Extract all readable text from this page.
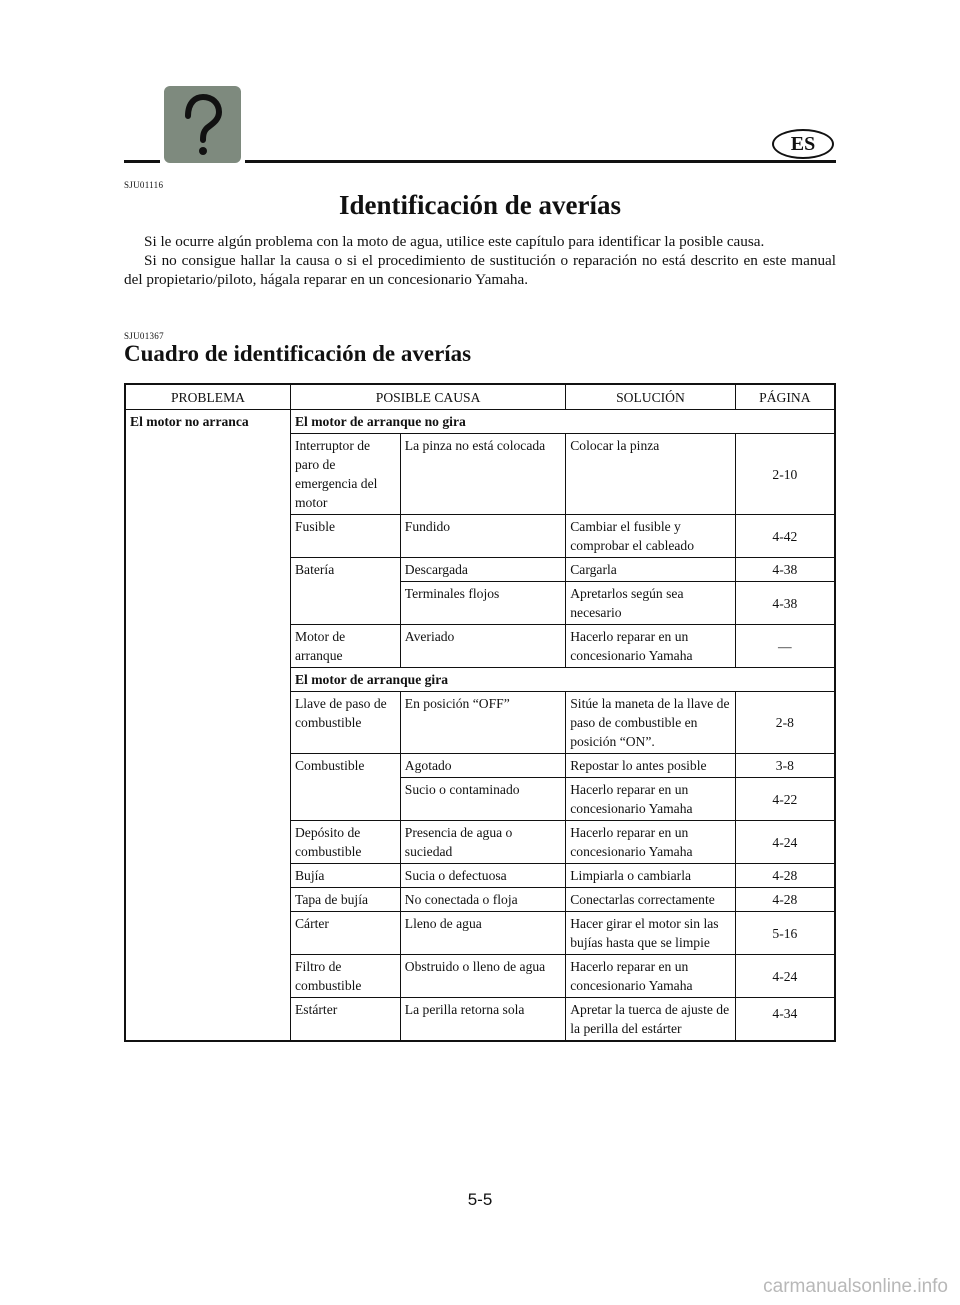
ES
SJU01116
Identificación de averías

Si le ocurre algún problema con la moto de agua, utilice este capítulo para identificar la posible causa.

Si no consigue hallar la causa o si el procedimiento de sustitución o reparación no está descrito en este manual del propietario/piloto, hágala reparar en un concesionario Yamaha.

SJU01367
Cuadro de identificación de averías
PROBLEMA	POSIBLE CAUSA		SOLUCIÓN	PÁGINA
El motor no arranca	El motor de arranque no gira			
	Interruptor de paro de emergencia del motor	La pinza no está colocada	Colocar la pinza	2-10
	Fusible	Fundido	Cambiar el fusible y comprobar el cableado	4-42
	Batería	Descargada	Cargarla	4-38
		Terminales flojos	Apretarlos según sea necesario	4-38
	Motor de arranque	Averiado	Hacerlo reparar en un concesionario Yamaha	—
	El motor de arranque gira			
	Llave de paso de combustible	En posición “OFF”	Sitúe la maneta de la llave de paso de combustible en posición “ON”.	2-8
	Combustible	Agotado	Repostar lo antes posible	3-8
		Sucio o contaminado	Hacerlo reparar en un concesionario Yamaha	4-22
	Depósito de combustible	Presencia de agua o suciedad	Hacerlo reparar en un concesionario Yamaha	4-24
	Bujía	Sucia o defectuosa	Limpiarla o cambiarla	4-28
	Tapa de bujía	No conectada o floja	Conectarlas correctamente	4-28
	Cárter	Lleno de agua	Hacer girar el motor sin las bujías hasta que se limpie	5-16
	Filtro de combustible	Obstruido o lleno de agua	Hacerlo reparar en un concesionario Yamaha	4-24
	Estárter	La perilla retorna sola	Apretar la tuerca de ajuste de la perilla del estárter	4-34
5-5
carmanualsonline.info
